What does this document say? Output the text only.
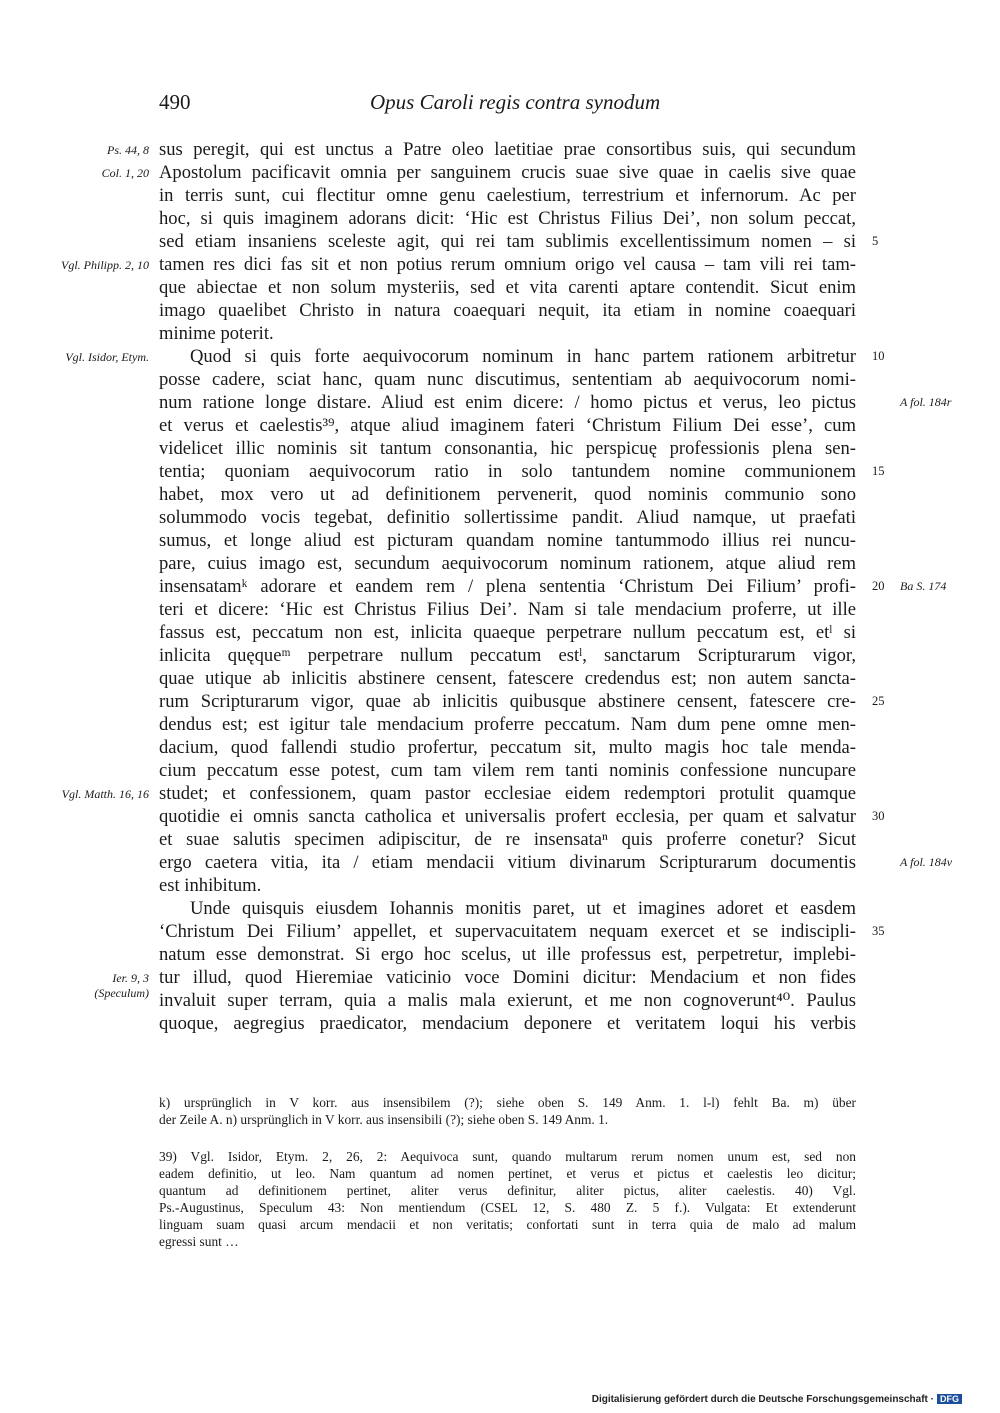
490	Opus Caroli regis contra synodum
sus peregit, qui est unctus a Patre oleo laetitiae prae consortibus suis, qui secundum
Apostolum pacificavit omnia per sanguinem crucis suae sive quae in caelis sive quae
in terris sunt, cui flectitur omne genu caelestium, terrestrium et infernorum. Ac per
hoc, si quis imaginem adorans dicit: ‘Hic est Christus Filius Dei’, non solum peccat,
sed etiam insaniens sceleste agit, qui rei tam sublimis excellentissimum nomen – si
tamen res dici fas sit et non potius rerum omnium origo vel causa – tam vili rei tam-
que abiectae et non solum mysteriis, sed et vita carenti aptare contendit. Sicut enim
imago quaelibet Christo in natura coaequari nequit, ita etiam in nomine coaequari
minime poterit.
Quod si quis forte aequivocorum nominum in hanc partem rationem arbitretur
posse cadere, sciat hanc, quam nunc discutimus, sententiam ab aequivocorum nomi-
num ratione longe distare. Aliud est enim dicere: / homo pictus et verus, leo pictus
et verus et caelestis³⁹, atque aliud imaginem fateri ‘Christum Filium Dei esse’, cum
videlicet illic nominis sit tantum consonantia, hic perspicuę professionis plena sen-
tentia; quoniam aequivocorum ratio in solo tantundem nomine communionem
habet, mox vero ut ad definitionem pervenerit, quod nominis communio sono
solummodo vocis tegebat, definitio sollertissime pandit. Aliud namque, ut praefati
sumus, et longe aliud est picturam quandam nomine tantummodo illius rei nuncu-
pare, cuius imago est, secundum aequivocorum nominum rationem, atque aliud rem
insensatamᵏ adorare et eandem rem / plena sententia ‘Christum Dei Filium’ profi-
teri et dicere: ‘Hic est Christus Filius Dei’. Nam si tale mendacium proferre, ut ille
fassus est, peccatum non est, inlicita quaeque perpetrare nullum peccatum est, etˡ si
inlicita quęqueᵐ perpetrare nullum peccatum estˡ, sanctarum Scripturarum vigor,
quae utique ab inlicitis abstinere censent, fatescere credendus est; non autem sancta-
rum Scripturarum vigor, quae ab inlicitis quibusque abstinere censent, fatescere cre-
dendus est; est igitur tale mendacium proferre peccatum. Nam dum pene omne men-
dacium, quod fallendi studio profertur, peccatum sit, multo magis hoc tale menda-
cium peccatum esse potest, cum tam vilem rem tanti nominis confessione nuncupare
studet; et confessionem, quam pastor ecclesiae eidem redemptori protulit quamque
quotidie ei omnis sancta catholica et universalis profert ecclesia, per quam et salvatur
et suae salutis specimen adipiscitur, de re insensataⁿ quis proferre conetur? Sicut
ergo caetera vitia, ita / etiam mendacii vitium divinarum Scripturarum documentis
est inhibitum.
Unde quisquis eiusdem Iohannis monitis paret, ut et imagines adoret et easdem
‘Christum Dei Filium’ appellet, et supervacuitatem nequam exercet et se indiscipli-
natum esse demonstrat. Si ergo hoc scelus, ut ille professus est, perpetretur, implebi-
tur illud, quod Hieremiae vaticinio voce Domini dicitur: Mendacium et non fides
invaluit super terram, quia a malis mala exierunt, et me non cognoverunt⁴⁰. Paulus
quoque, aegregius praedicator, mendacium deponere et veritatem loqui his verbis
5
10
15
20
25
30
35
Ps. 44, 8
Col. 1, 20
Vgl. Philipp. 2, 10
Vgl. Isidor, Etym.
Vgl. Matth. 16, 16
Ier. 9, 3
(Speculum)
A fol. 184r
Ba S. 174
A fol. 184v
k) ursprünglich in V korr. aus insensibilem (?); siehe oben S. 149 Anm. 1. l-l) fehlt Ba. m) über
der Zeile A. n) ursprünglich in V korr. aus insensibili (?); siehe oben S. 149 Anm. 1.
39) Vgl. Isidor, Etym. 2, 26, 2: Aequivoca sunt, quando multarum rerum nomen unum est, sed non
eadem definitio, ut leo. Nam quantum ad nomen pertinet, et verus et pictus et caelestis leo dicitur;
quantum ad definitionem pertinet, aliter verus definitur, aliter pictus, aliter caelestis. 40) Vgl.
Ps.-Augustinus, Speculum 43: Non mentiendum (CSEL 12, S. 480 Z. 5 f.). Vulgata: Et extenderunt
linguam suam quasi arcum mendacii et non veritatis; confortati sunt in terra quia de malo ad malum
egressi sunt …
Digitalisierung gefördert durch die Deutsche Forschungsgemeinschaft · DFG
